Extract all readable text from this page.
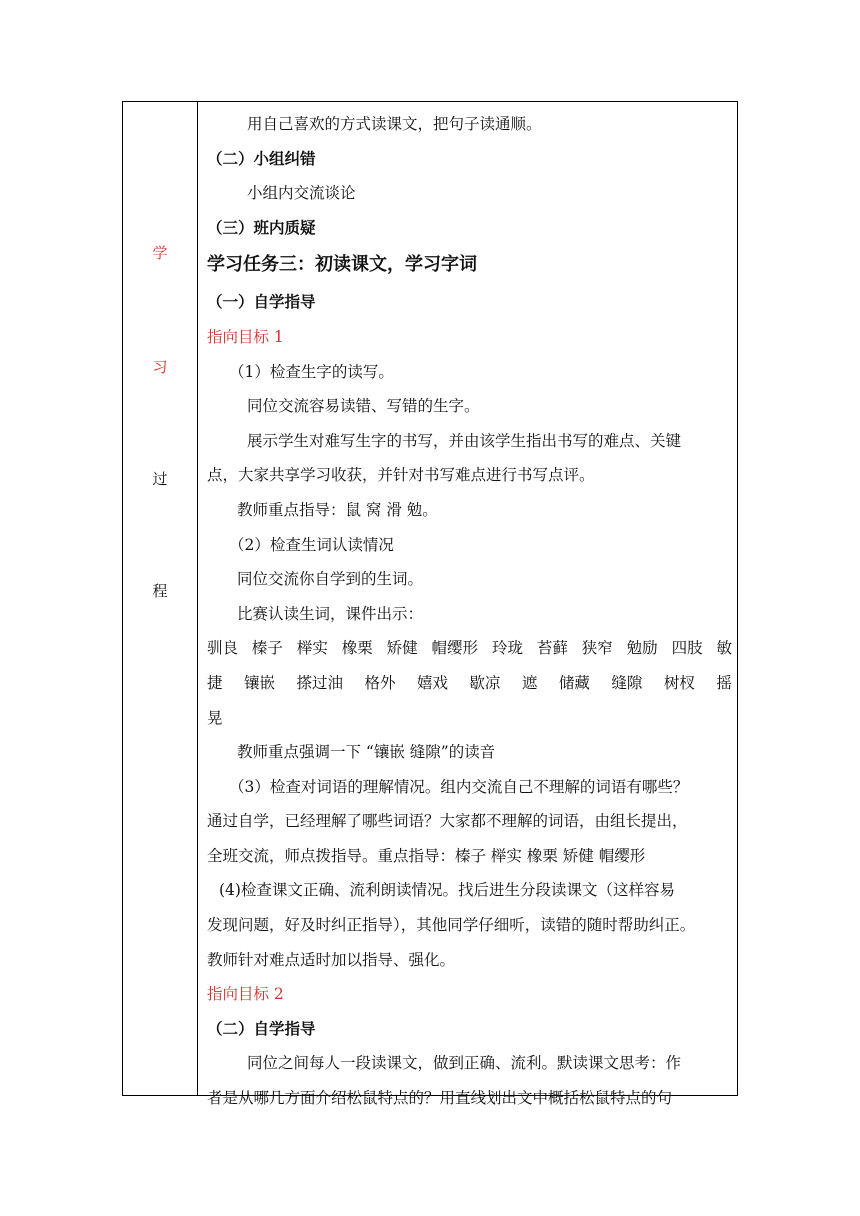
学
习
过
程

用自己喜欢的方式读课文，把句子读通顺。

（二）小组纠错

小组内交流谈论

（三）班内质疑

学习任务三：初读课文，学习字词

（一）自学指导

指向目标 1

（1）检查生字的读写。

同位交流容易读错、写错的生字。

展示学生对难写生字的书写，并由该学生指出书写的难点、关键

点，大家共享学习收获，并针对书写难点进行书写点评。

教师重点指导：鼠 窝 滑 勉。

（2）检查生词认读情况

同位交流你自学到的生词。

比赛认读生词，课件出示：

驯良 榛子 榉实 橡栗 矫健 帽缨形 玲珑 苔藓 狭窄 勉励 四肢 敏
捷 镶嵌 搽过油 格外 嬉戏 歇凉 遮 储藏 缝隙 树杈 摇

晃

教师重点强调一下 “镶嵌 缝隙”的读音

（3）检查对词语的理解情况。组内交流自己不理解的词语有哪些？

通过自学，已经理解了哪些词语？大家都不理解的词语，由组长提出，

全班交流，师点拨指导。重点指导：榛子 榉实 橡栗 矫健 帽缨形

(4)检查课文正确、流利朗读情况。找后进生分段读课文（这样容易

发现问题，好及时纠正指导），其他同学仔细听，读错的随时帮助纠正。

教师针对难点适时加以指导、强化。

指向目标 2

（二）自学指导

同位之间每人一段读课文，做到正确、流利。默读课文思考：作

者是从哪几方面介绍松鼠特点的？用直线划出文中概括松鼠特点的句
